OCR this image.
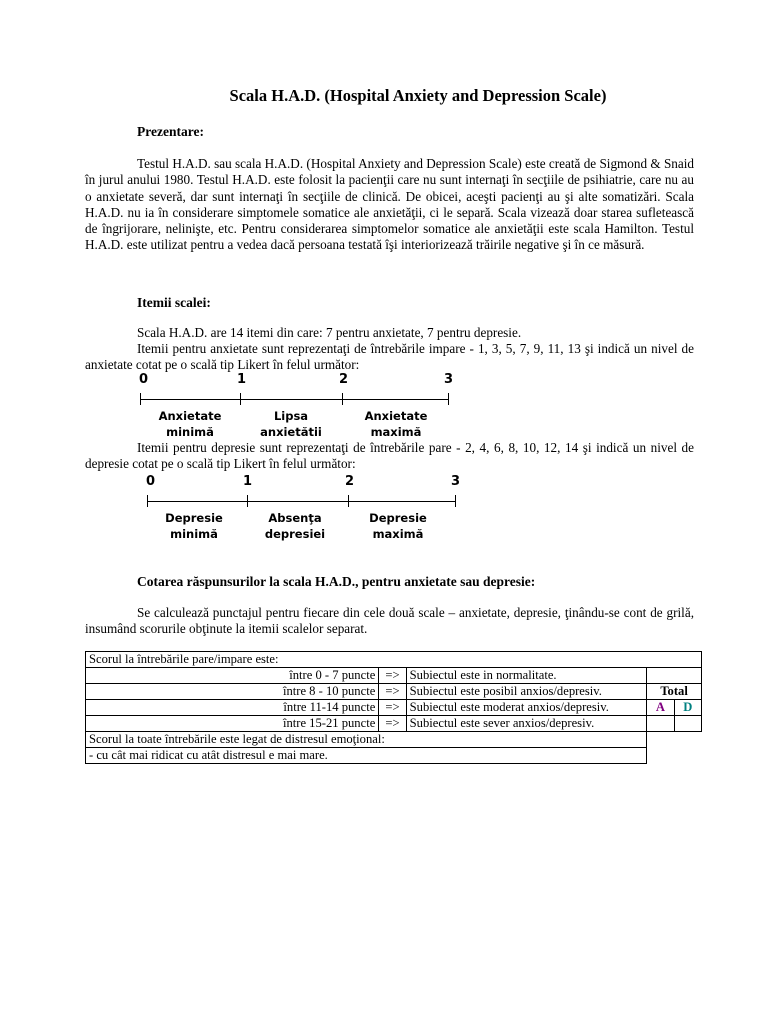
Scala H.A.D. (Hospital Anxiety and Depression Scale)
Prezentare:

Testul H.A.D. sau scala H.A.D. (Hospital Anxiety and Depression Scale) este creată de Sigmond & Snaid în jurul anului 1980. Testul H.A.D. este folosit la pacienţii care nu sunt internaţi în secţiile de psihiatrie, care nu au o anxietate severă, dar sunt internaţi în secţiile de clinică. De obicei, aceşti pacienţi au şi alte somatizări. Scala H.A.D. nu ia în considerare simptomele somatice ale anxietăţii, ci le separă. Scala vizează doar starea sufletească de îngrijorare, nelinişte, etc. Pentru considerarea simptomelor somatice ale anxietăţii este scala Hamilton. Testul H.A.D. este utilizat pentru a vedea dacă persoana testată îşi interiorizează trăirile negative şi în ce măsură.

Itemii scalei:
Scala H.A.D. are 14 itemi din care: 7 pentru anxietate, 7 pentru depresie.

Itemii pentru anxietate sunt reprezentaţi de întrebările impare - 1, 3, 5, 7, 9, 11, 13 şi indică un nivel de anxietate cotat pe o scală tip Likert în felul următor:

0	1	2	3
Anxietate
minimă
Lipsa
anxietătii
Anxietate
maximă

Itemii pentru depresie sunt reprezentaţi de întrebările pare - 2, 4, 6, 8, 10, 12, 14 şi indică un nivel de depresie cotat pe o scală tip Likert în felul următor:

0	1	2	3
Depresie
minimă
Absenţa
depresiei
Depresie
maximă
Cotarea răspunsurilor la scala H.A.D., pentru anxietate sau depresie:

Se calculează punctajul pentru fiecare din cele două scale – anxietate, depresie, ţinându-se cont de grilă, insumând scorurile obţinute la itemii scalelor separat.

Scorul la întrebările pare/impare este:				
între 0 - 7 puncte	=>	Subiectul este in normalitate.		
între 8 - 10 puncte	=>	Subiectul este posibil anxios/depresiv.	Total	
între 11-14 puncte	=>	Subiectul este moderat anxios/depresiv.	A	D
între 15-21 puncte	=>	Subiectul este sever anxios/depresiv.		
Scorul la toate întrebările este legat de distresul emoţional:				
- cu cât mai ridicat cu atât distresul e mai mare.				
